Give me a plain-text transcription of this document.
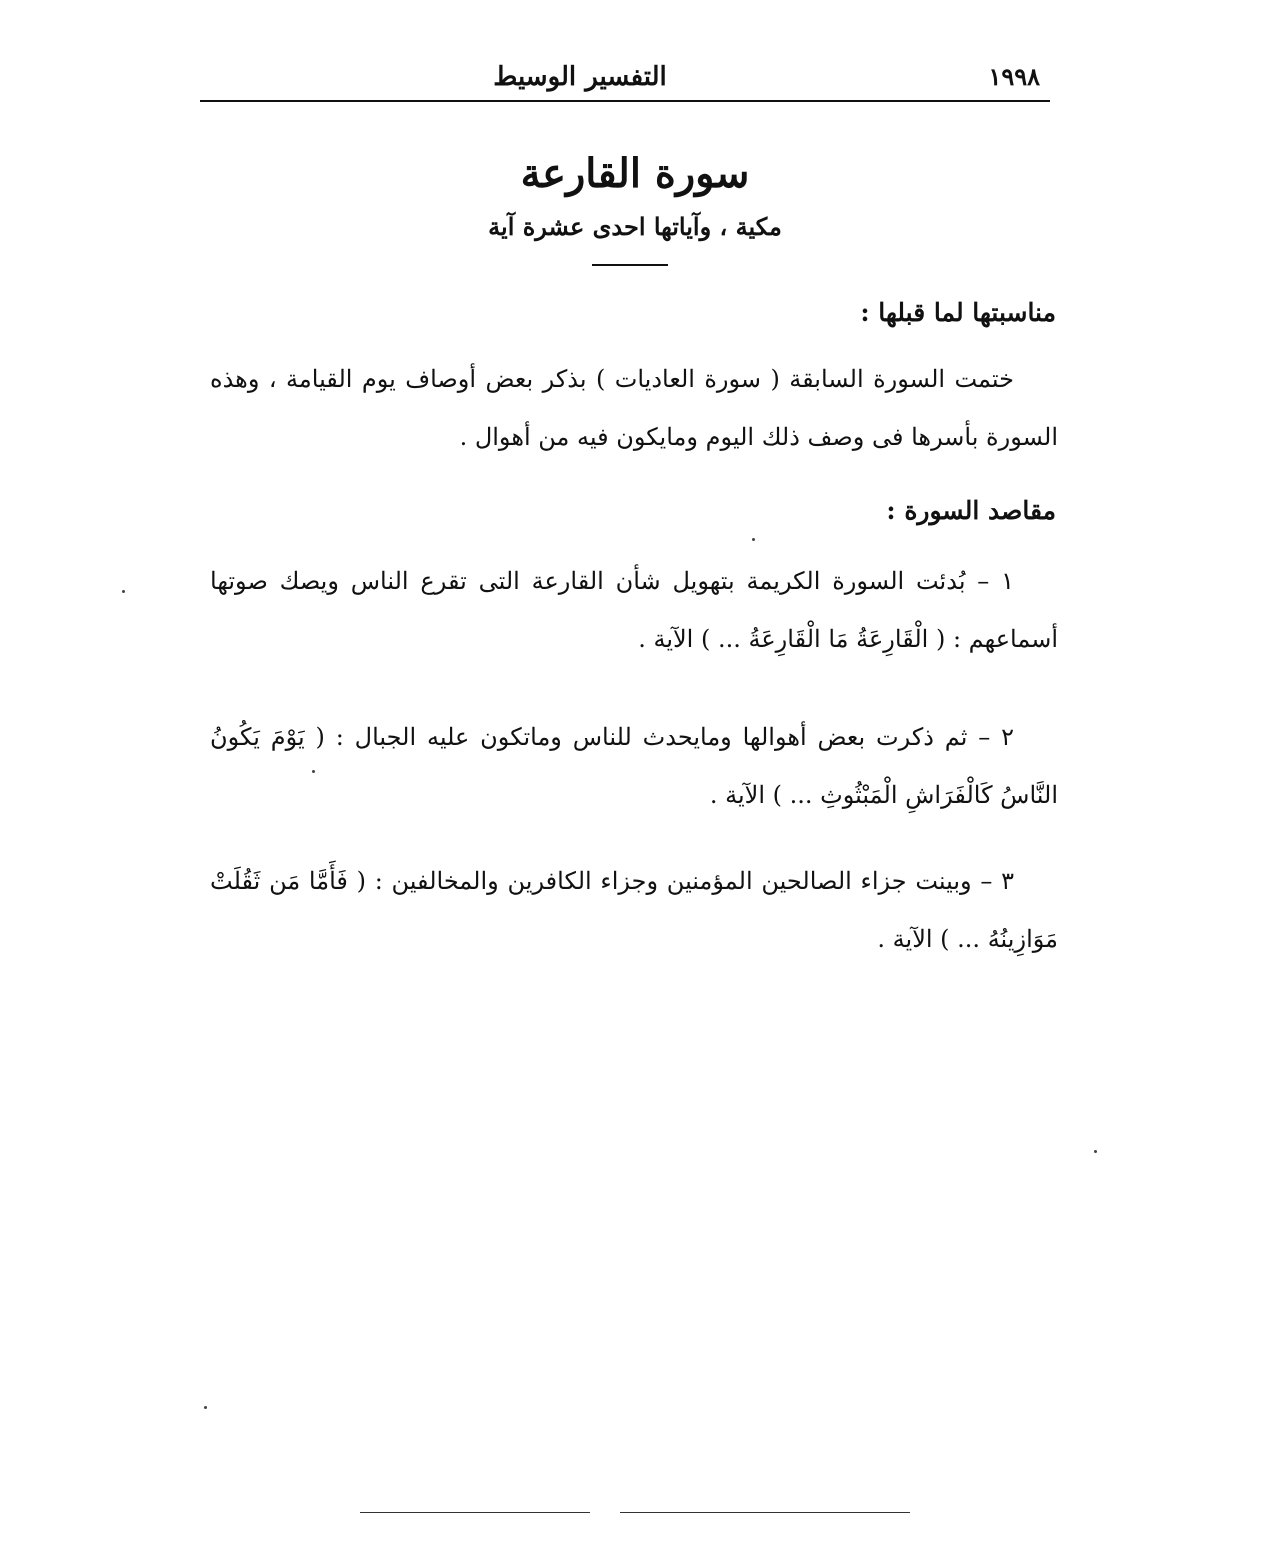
١٩٩٨
التفسير الوسيط
سورة القارعة
مكية ، وآياتها احدى عشرة آية
مناسبتها لما قبلها :
ختمت السورة السابقة ( سورة العاديات ) بذكر بعض أوصاف يوم القيامة ، وهذه السورة بأسرها فى وصف ذلك اليوم ومايكون فيه من أهوال .
مقاصد السورة :
١ – بُدئت السورة الكريمة بتهويل شأن القارعة التى تقرع الناس ويصك صوتها أسماعهم : ( الْقَارِعَةُ مَا الْقَارِعَةُ ... ) الآية .
٢ – ثم ذكرت بعض أهوالها ومايحدث للناس وماتكون عليه الجبال : ( يَوْمَ يَكُونُ النَّاسُ كَالْفَرَاشِ الْمَبْثُوثِ ... ) الآية .
٣ – وبينت جزاء الصالحين المؤمنين وجزاء الكافرين والمخالفين : ( فَأَمَّا مَن ثَقُلَتْ مَوَازِينُهُ ... ) الآية .
